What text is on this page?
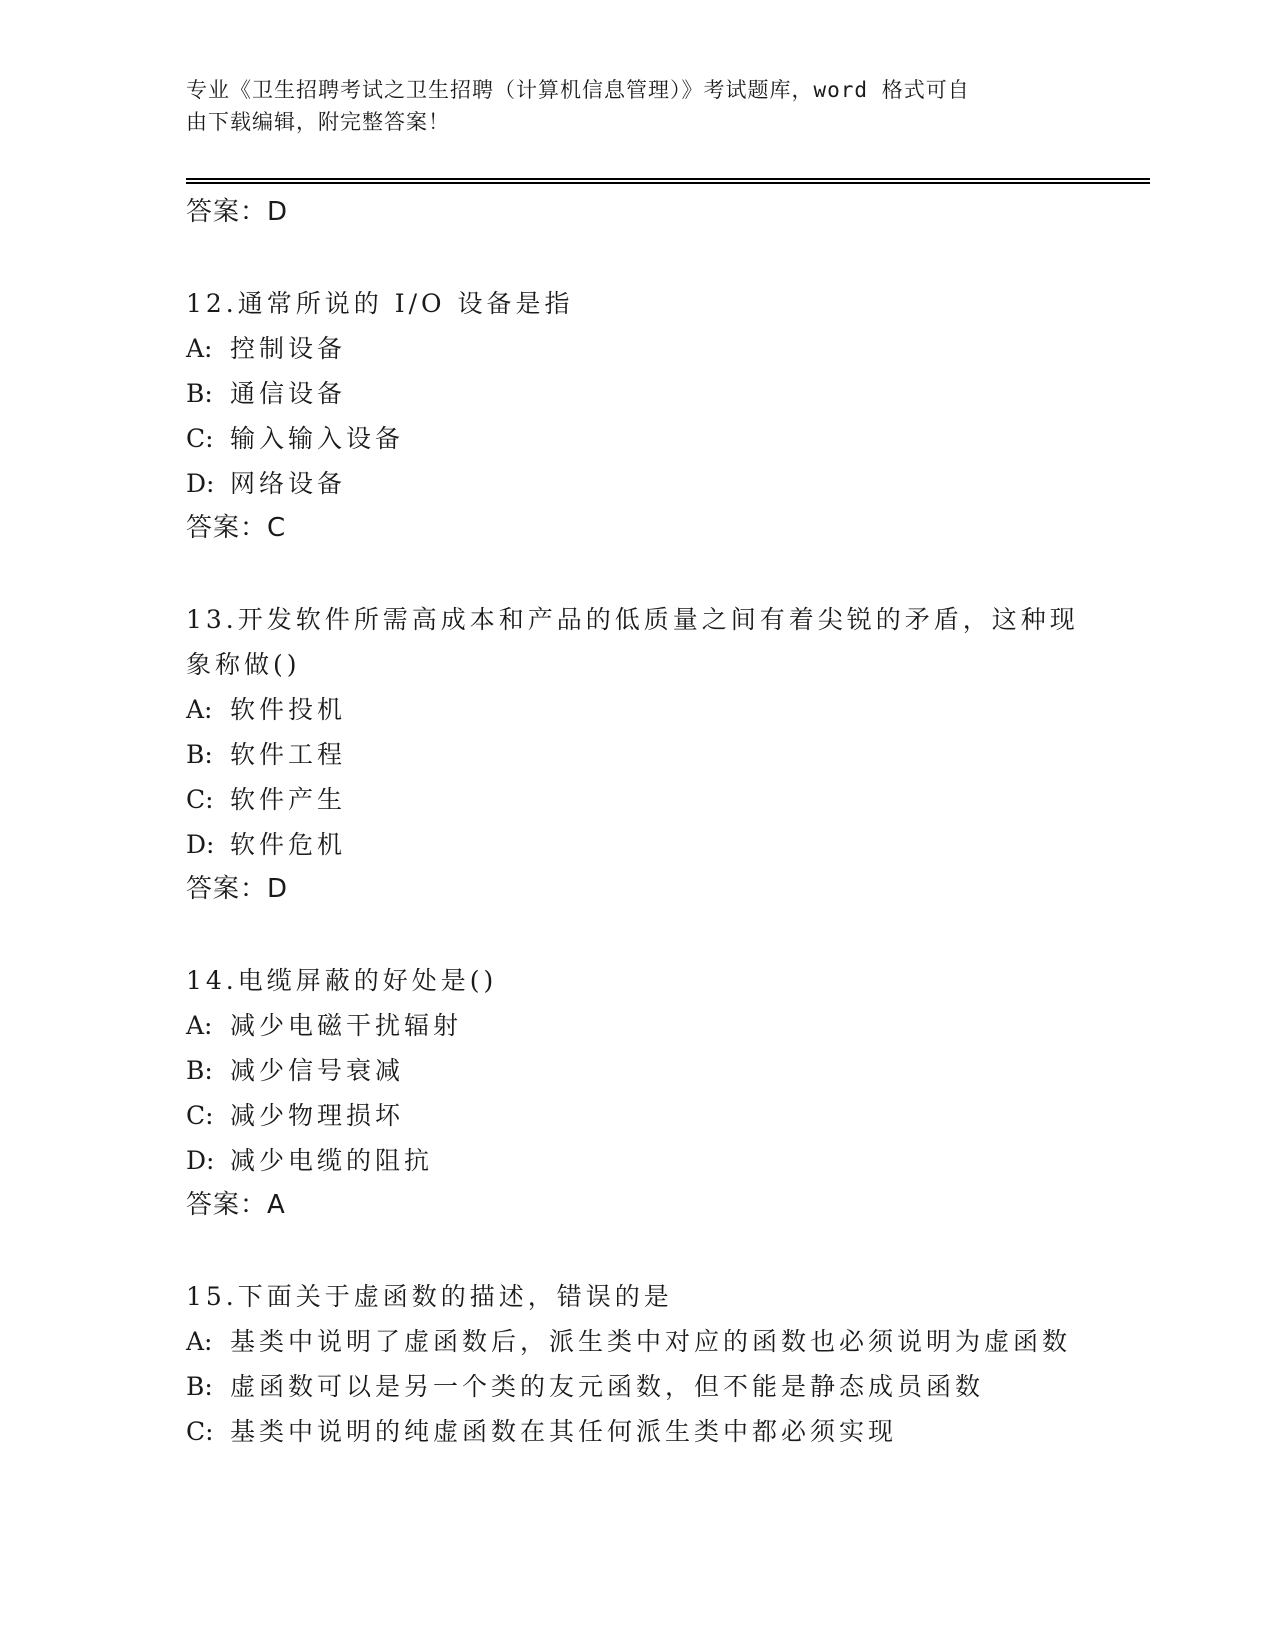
专业《卫生招聘考试之卫生招聘（计算机信息管理）》考试题库，word 格式可自
由下载编辑，附完整答案！
答案：D
12.通常所说的 I/O 设备是指
A: 控制设备
B: 通信设备
C: 输入输入设备
D: 网络设备
答案：C
13.开发软件所需高成本和产品的低质量之间有着尖锐的矛盾，这种现象称做()
A: 软件投机
B: 软件工程
C: 软件产生
D: 软件危机
答案：D
14.电缆屏蔽的好处是()
A: 减少电磁干扰辐射
B: 减少信号衰减
C: 减少物理损坏
D: 减少电缆的阻抗
答案：A
15.下面关于虚函数的描述，错误的是
A: 基类中说明了虚函数后，派生类中对应的函数也必须说明为虚函数
B: 虚函数可以是另一个类的友元函数，但不能是静态成员函数
C: 基类中说明的纯虚函数在其任何派生类中都必须实现
